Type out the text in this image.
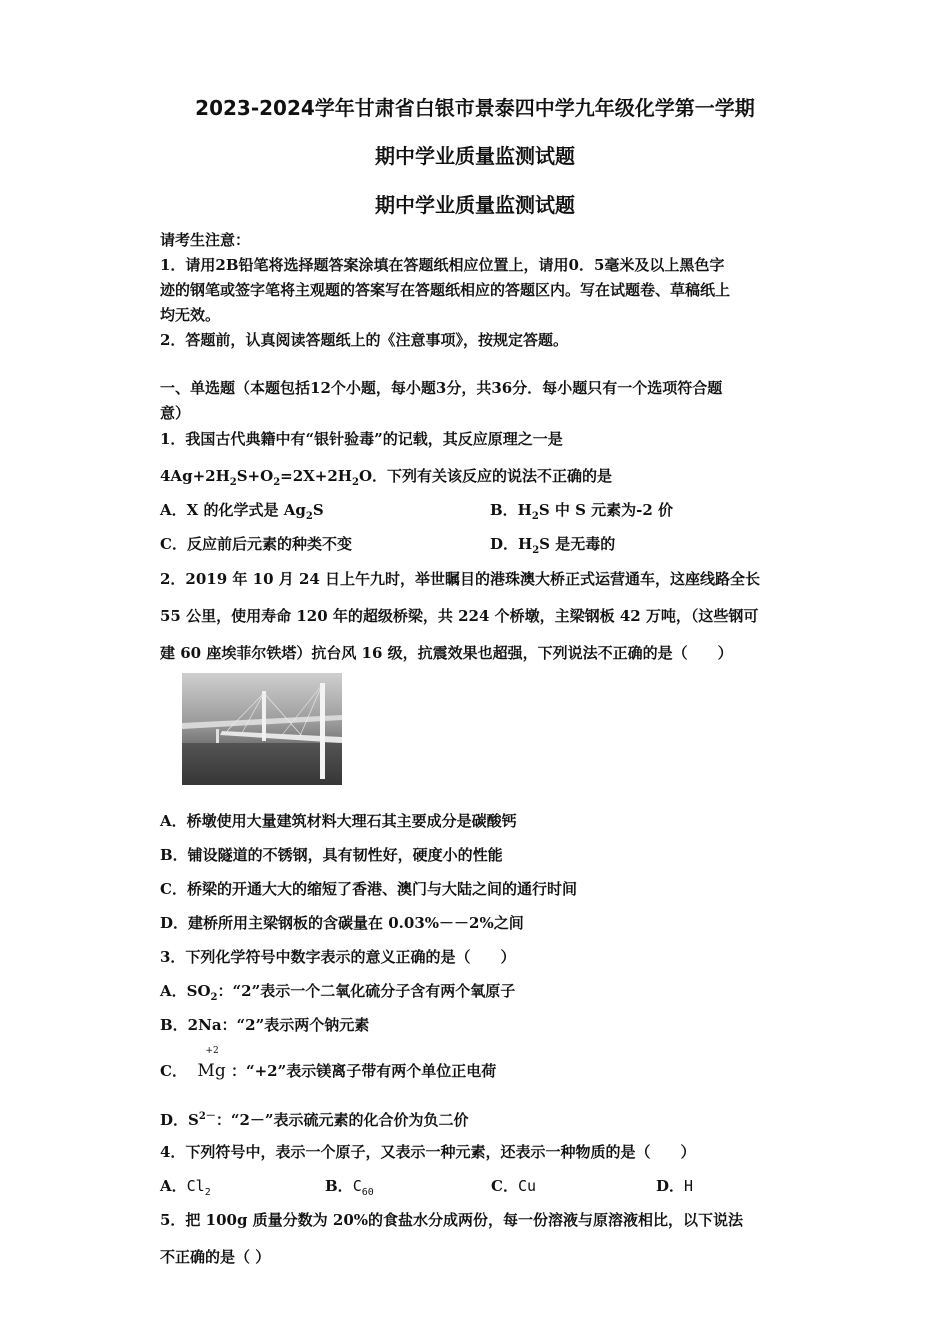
2023-2024学年甘肃省白银市景泰四中学九年级化学第一学期
期中学业质量监测试题
期中学业质量监测试题
请考生注意：
1．请用2B铅笔将选择题答案涂填在答题纸相应位置上，请用0．5毫米及以上黑色字
迹的钢笔或签字笔将主观题的答案写在答题纸相应的答题区内。写在试题卷、草稿纸上
均无效。
2．答题前，认真阅读答题纸上的《注意事项》，按规定答题。
一、单选题（本题包括12个小题，每小题3分，共36分．每小题只有一个选项符合题
意）
1．我国古代典籍中有“银针验毒”的记载，其反应原理之一是
$4Ag+2H_2S+O_2=2X+2H_2O$．下列有关该反应的说法不正确的是
A．X 的化学式是 $Ag_2S$	B．$H_2S$ 中 S 元素为-2 价
C．反应前后元素的种类不变	D．$H_2S$ 是无毒的
2．2019 年 10 月 24 日上午九时，举世瞩目的港珠澳大桥正式运营通车，这座线路全长
55 公里，使用寿命 120 年的超级桥梁，共 224 个桥墩，主梁钢板 42 万吨，（这些钢可
建 60 座埃菲尔铁塔）抗台风 16 级，抗震效果也超强，下列说法不正确的是（　　）
A．桥墩使用大量建筑材料大理石其主要成分是碳酸钙
B．铺设隧道的不锈钢，具有韧性好，硬度小的性能
C．桥梁的开通大大的缩短了香港、澳门与大陆之间的通行时间
D．建桥所用主梁钢板的含碳量在 0.03%－－2%之间
3．下列化学符号中数字表示的意义正确的是（　　）
A．$SO_2$：“2”表示一个二氧化硫分子含有两个氧原子
B．2Na：“2”表示两个钠元素
C．
+2
Mg ：“+2”表示镁离子带有两个单位正电荷
D．$S^{2-}$：“2－”表示硫元素的化合价为负二价
4．下列符号中，表示一个原子，又表示一种元素，还表示一种物质的是（　　）
A．$Cl_2$	B．$C_{60}$	C．Cu	D．H
5．把 100g 质量分数为 20%的食盐水分成两份，每一份溶液与原溶液相比，以下说法
不正确的是（ ）
